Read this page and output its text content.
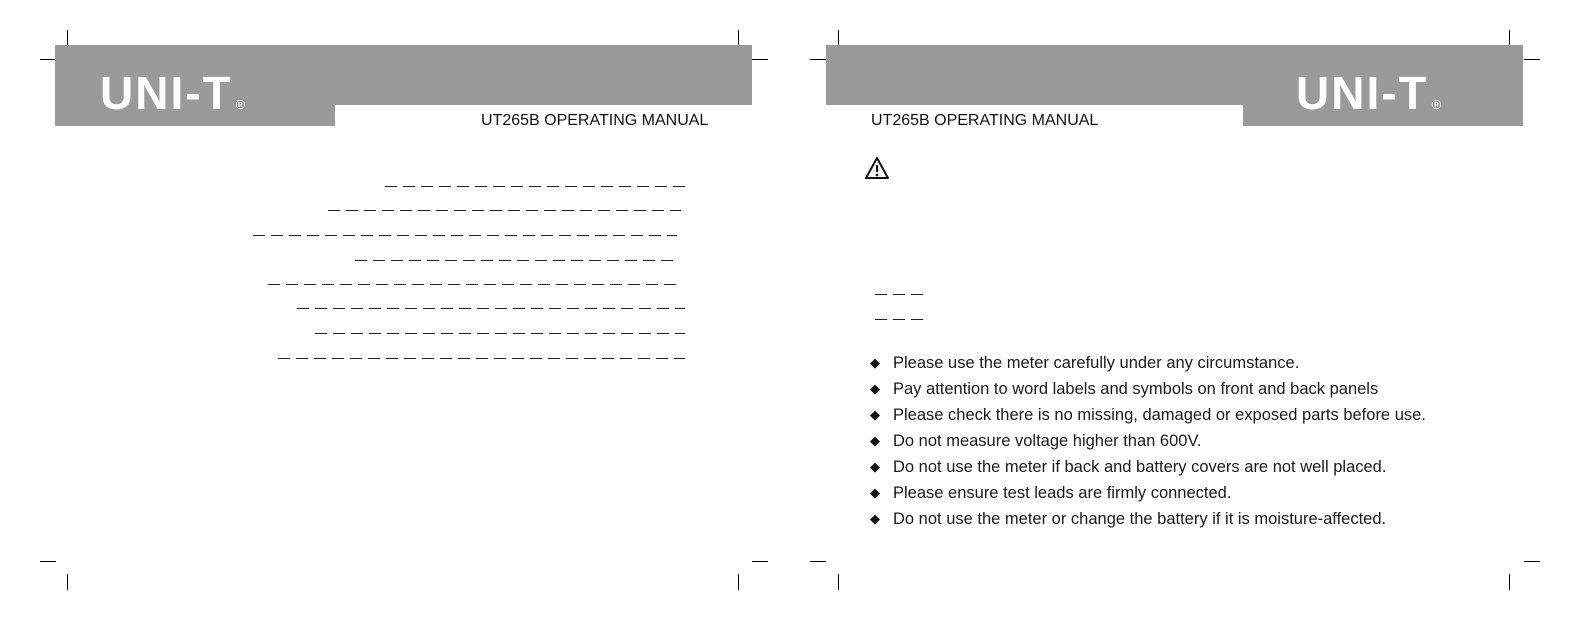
UNI-T ®
UT265B OPERATING MANUAL
UNI-T ®
UT265B OPERATING MANUAL
◆ Please use the meter carefully under any circumstance.
◆ Pay attention to word labels and symbols on front and back panels
◆ Please check there is no missing, damaged or exposed parts before use.
◆ Do not measure voltage higher than 600V.
◆ Do not use the meter if back and battery covers are not well placed.
◆ Please ensure test leads are firmly connected.
◆ Do not use the meter or change the battery if it is moisture-affected.
